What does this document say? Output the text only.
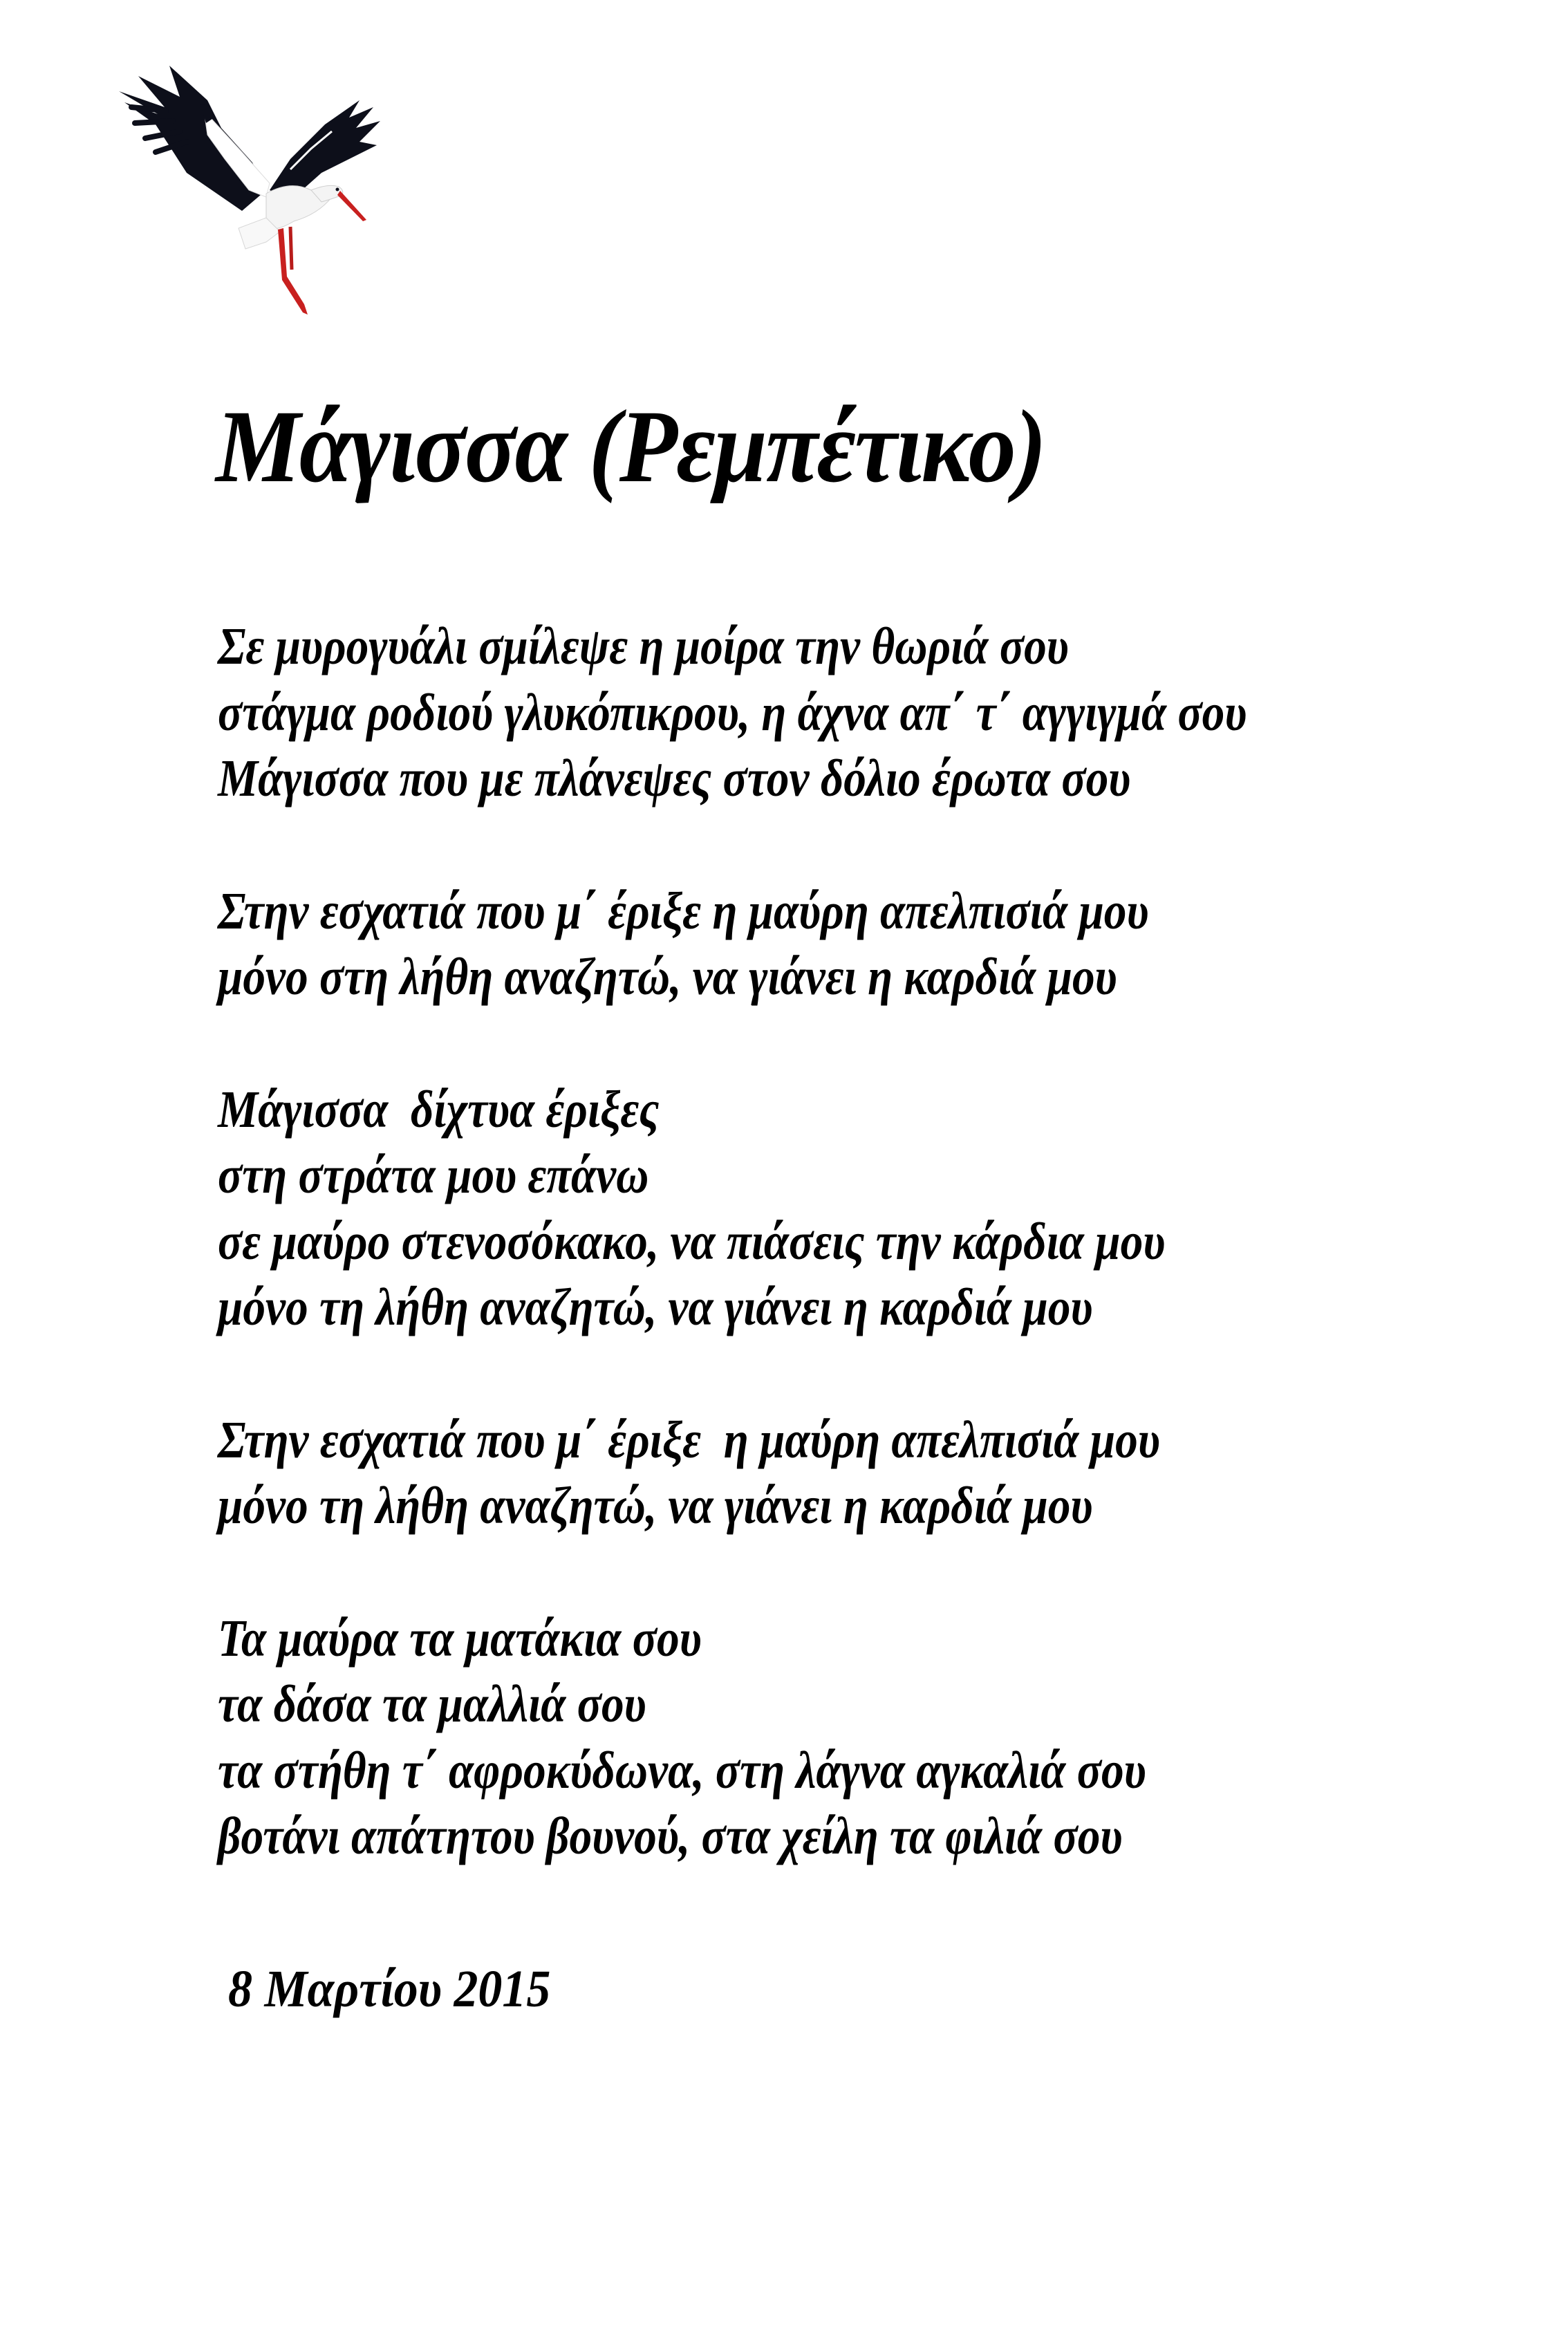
Μάγισσα (Ρεμπέτικο)
Σε μυρογυάλι σμίλεψε η μοίρα την θωριά σου
στάγμα ροδιού γλυκόπικρου, η άχνα απ΄ τ΄ αγγιγμά σου
Μάγισσα που με πλάνεψες στον δόλιο έρωτα σου
Στην εσχατιά που μ΄ έριξε η μαύρη απελπισιά μου
μόνο στη λήθη αναζητώ, να γιάνει η καρδιά μου
Μάγισσα  δίχτυα έριξες
στη στράτα μου επάνω
σε μαύρο στενοσόκακο, να πιάσεις την κάρδια μου
μόνο τη λήθη αναζητώ, να γιάνει η καρδιά μου
Στην εσχατιά που μ΄ έριξε  η μαύρη απελπισιά μου
μόνο τη λήθη αναζητώ, να γιάνει η καρδιά μου
Τα μαύρα τα ματάκια σου
τα δάσα τα μαλλιά σου
τα στήθη τ΄ αφροκύδωνα, στη λάγνα αγκαλιά σου
βοτάνι απάτητου βουνού, στα χείλη τα φιλιά σου
8 Μαρτίου 2015
